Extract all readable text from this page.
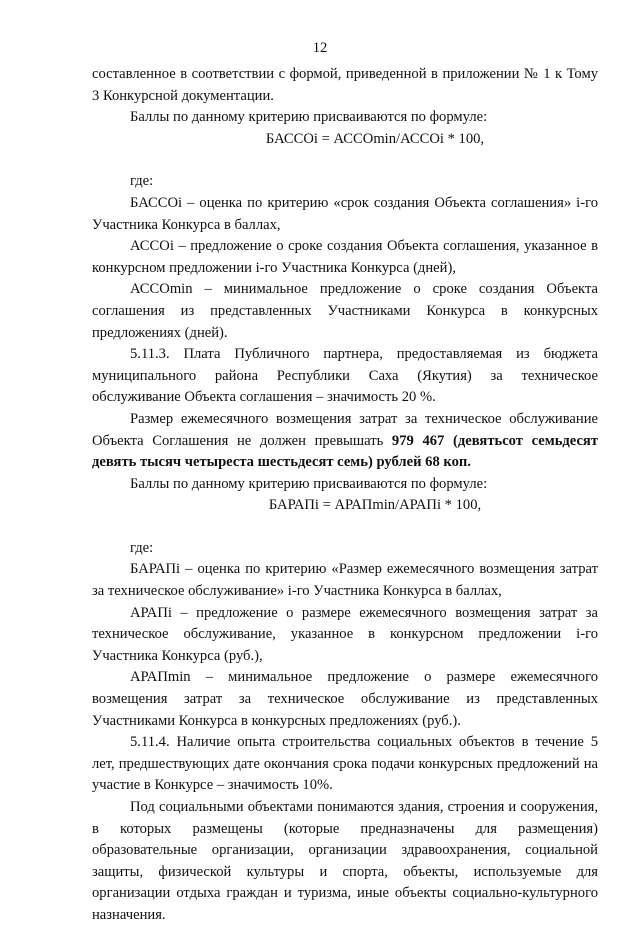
12

составленное в соответствии с формой, приведенной в приложении № 1 к Тому 3 Конкурсной документации.

Баллы по данному критерию присваиваются по формуле:

БАССОi = АССОmin/АССОi * 100,

где:

БАССОi – оценка по критерию «срок создания Объекта соглашения» i-го Участника Конкурса в баллах,

АССОi – предложение о сроке создания Объекта соглашения, указанное в конкурсном предложении i-го Участника Конкурса (дней),

АССОmin – минимальное предложение о сроке создания Объекта соглашения из представленных Участниками Конкурса в конкурсных предложениях (дней).

5.11.3. Плата Публичного партнера, предоставляемая из бюджета муниципального района Республики Саха (Якутия) за техническое обслуживание Объекта соглашения – значимость 20 %.

Размер ежемесячного возмещения затрат за техническое обслуживание Объекта Соглашения не должен превышать 979 467 (девятьсот семьдесят девять тысяч четыреста шестьдесят семь) рублей 68 коп.

Баллы по данному критерию присваиваются по формуле:

БАРАПi = АРАПmin/АРАПi * 100,

где:

БАРАПi – оценка по критерию «Размер ежемесячного возмещения затрат за техническое обслуживание» i-го Участника Конкурса в баллах,

АРАПi – предложение о размере ежемесячного возмещения затрат за техническое обслуживание, указанное в конкурсном предложении i-го Участника Конкурса (руб.),

АРАПmin – минимальное предложение о размере ежемесячного возмещения затрат за техническое обслуживание из представленных Участниками Конкурса в конкурсных предложениях (руб.).

5.11.4. Наличие опыта строительства социальных объектов в течение 5 лет, предшествующих дате окончания срока подачи конкурсных предложений на участие в Конкурсе – значимость 10%.

Под социальными объектами понимаются здания, строения и сооружения, в которых размещены (которые предназначены для размещения) образовательные организации, организации здравоохранения, социальной защиты, физической культуры и спорта, объекты, используемые для организации отдыха граждан и туризма, иные объекты социально-культурного назначения.
